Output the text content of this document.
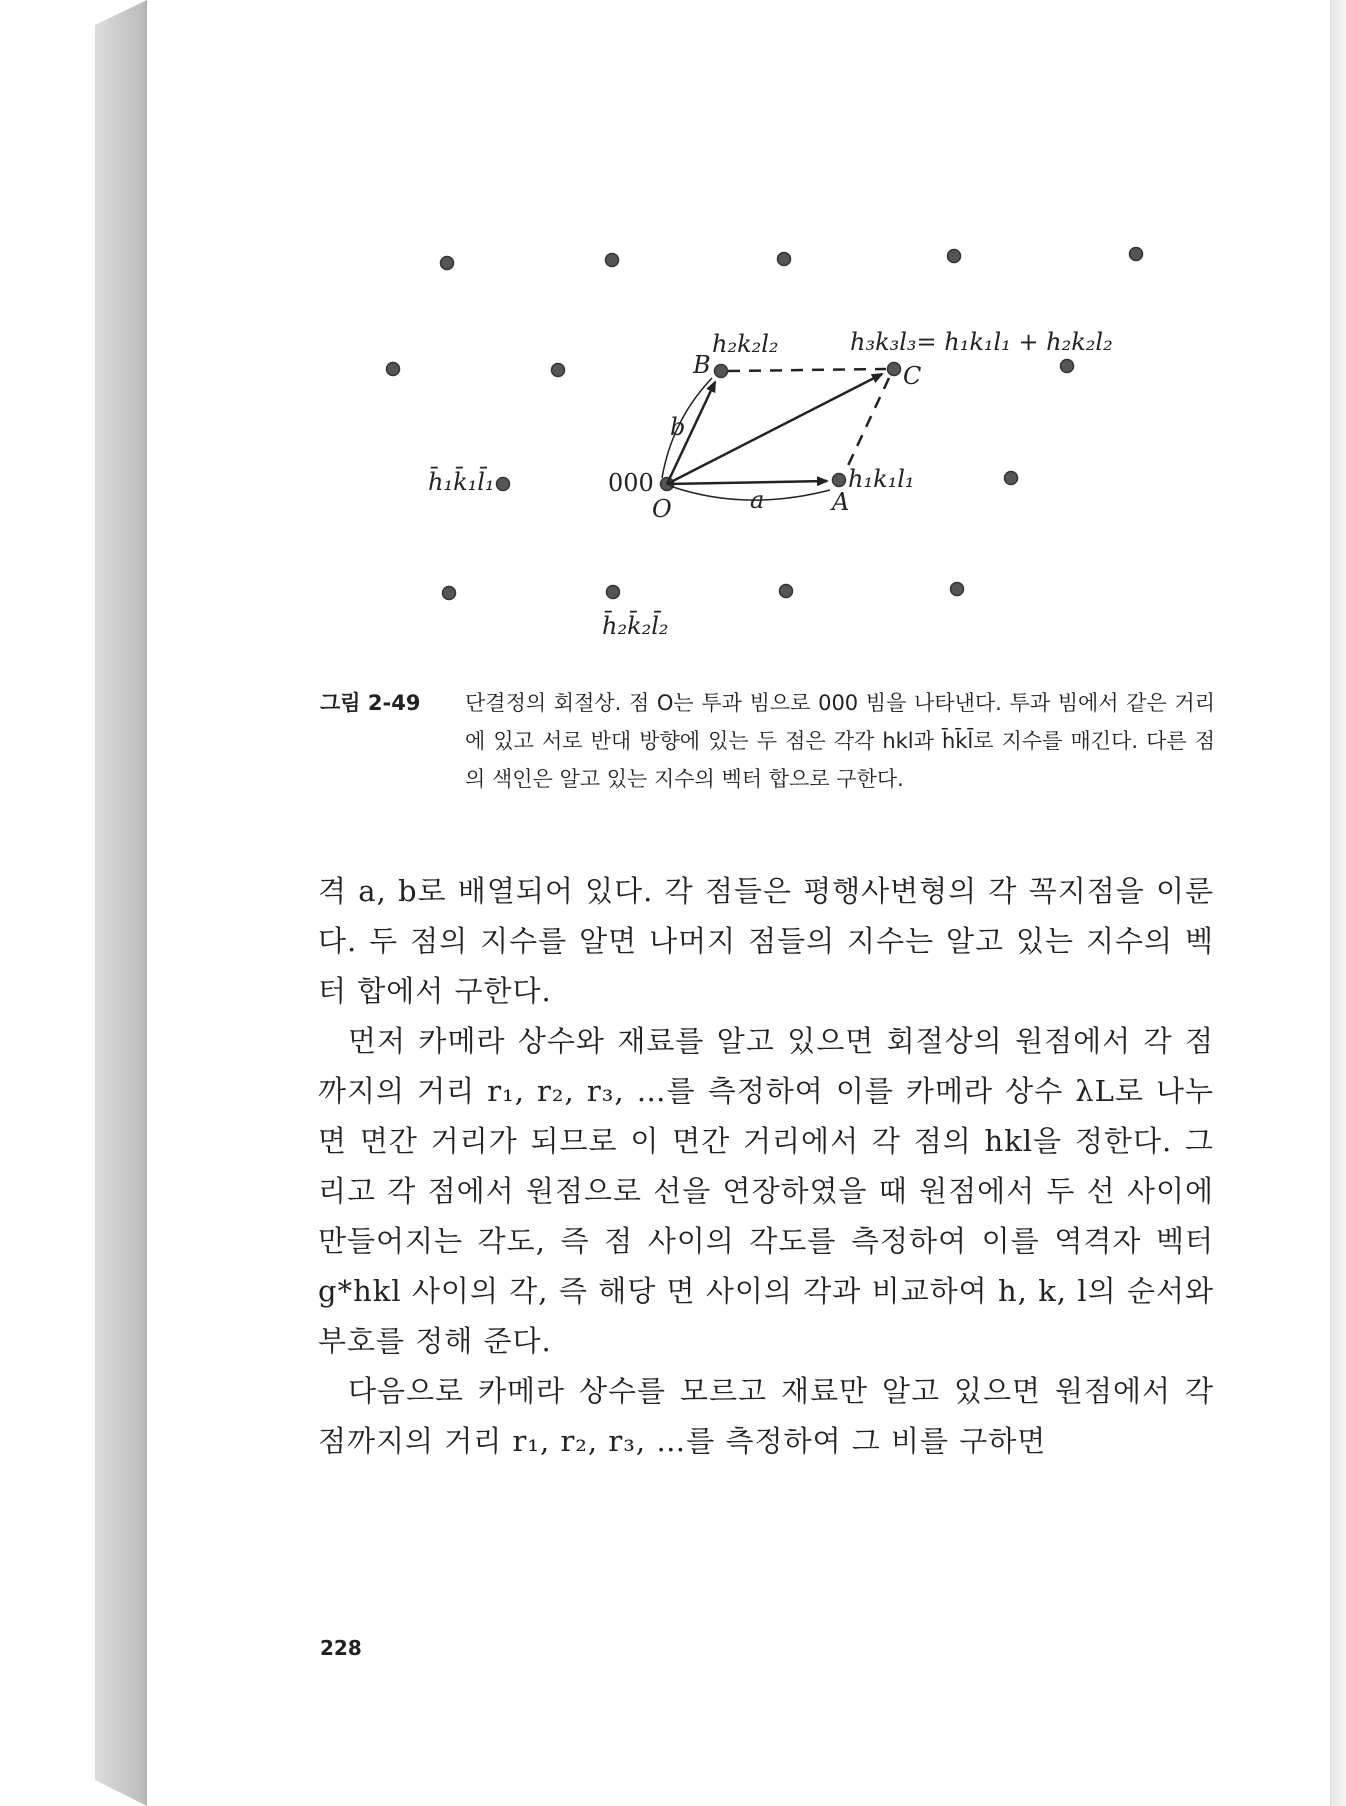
h₂k₂l₂	h₃k₃l₃= h₁k₁l₁ + h₂k₂l₂
B	C
b
000
O	a	A
h₁k₁l₁
h̄₁k̄₁l̄₁
h̄₂k̄₂l̄₂
그림 2-49 단결정의 회절상. 점 O는 투과 빔으로 000 빔을 나타낸다. 투과 빔에서 같은 거리에 있고 서로 반대 방향에 있는 두 점은 각각 hkl과 h̄k̄l̄로 지수를 매긴다. 다른 점의 색인은 알고 있는 지수의 벡터 합으로 구한다.

격 a, b로 배열되어 있다. 각 점들은 평행사변형의 각 꼭지점을 이룬다. 두 점의 지수를 알면 나머지 점들의 지수는 알고 있는 지수의 벡터 합에서 구한다.

먼저 카메라 상수와 재료를 알고 있으면 회절상의 원점에서 각 점까지의 거리 r₁, r₂, r₃, …를 측정하여 이를 카메라 상수 λL로 나누면 면간 거리가 되므로 이 면간 거리에서 각 점의 hkl을 정한다. 그리고 각 점에서 원점으로 선을 연장하였을 때 원점에서 두 선 사이에 만들어지는 각도, 즉 점 사이의 각도를 측정하여 이를 역격자 벡터 g*hkl 사이의 각, 즉 해당 면 사이의 각과 비교하여 h, k, l의 순서와 부호를 정해 준다.

다음으로 카메라 상수를 모르고 재료만 알고 있으면 원점에서 각 점까지의 거리 r₁, r₂, r₃, …를 측정하여 그 비를 구하면

228
